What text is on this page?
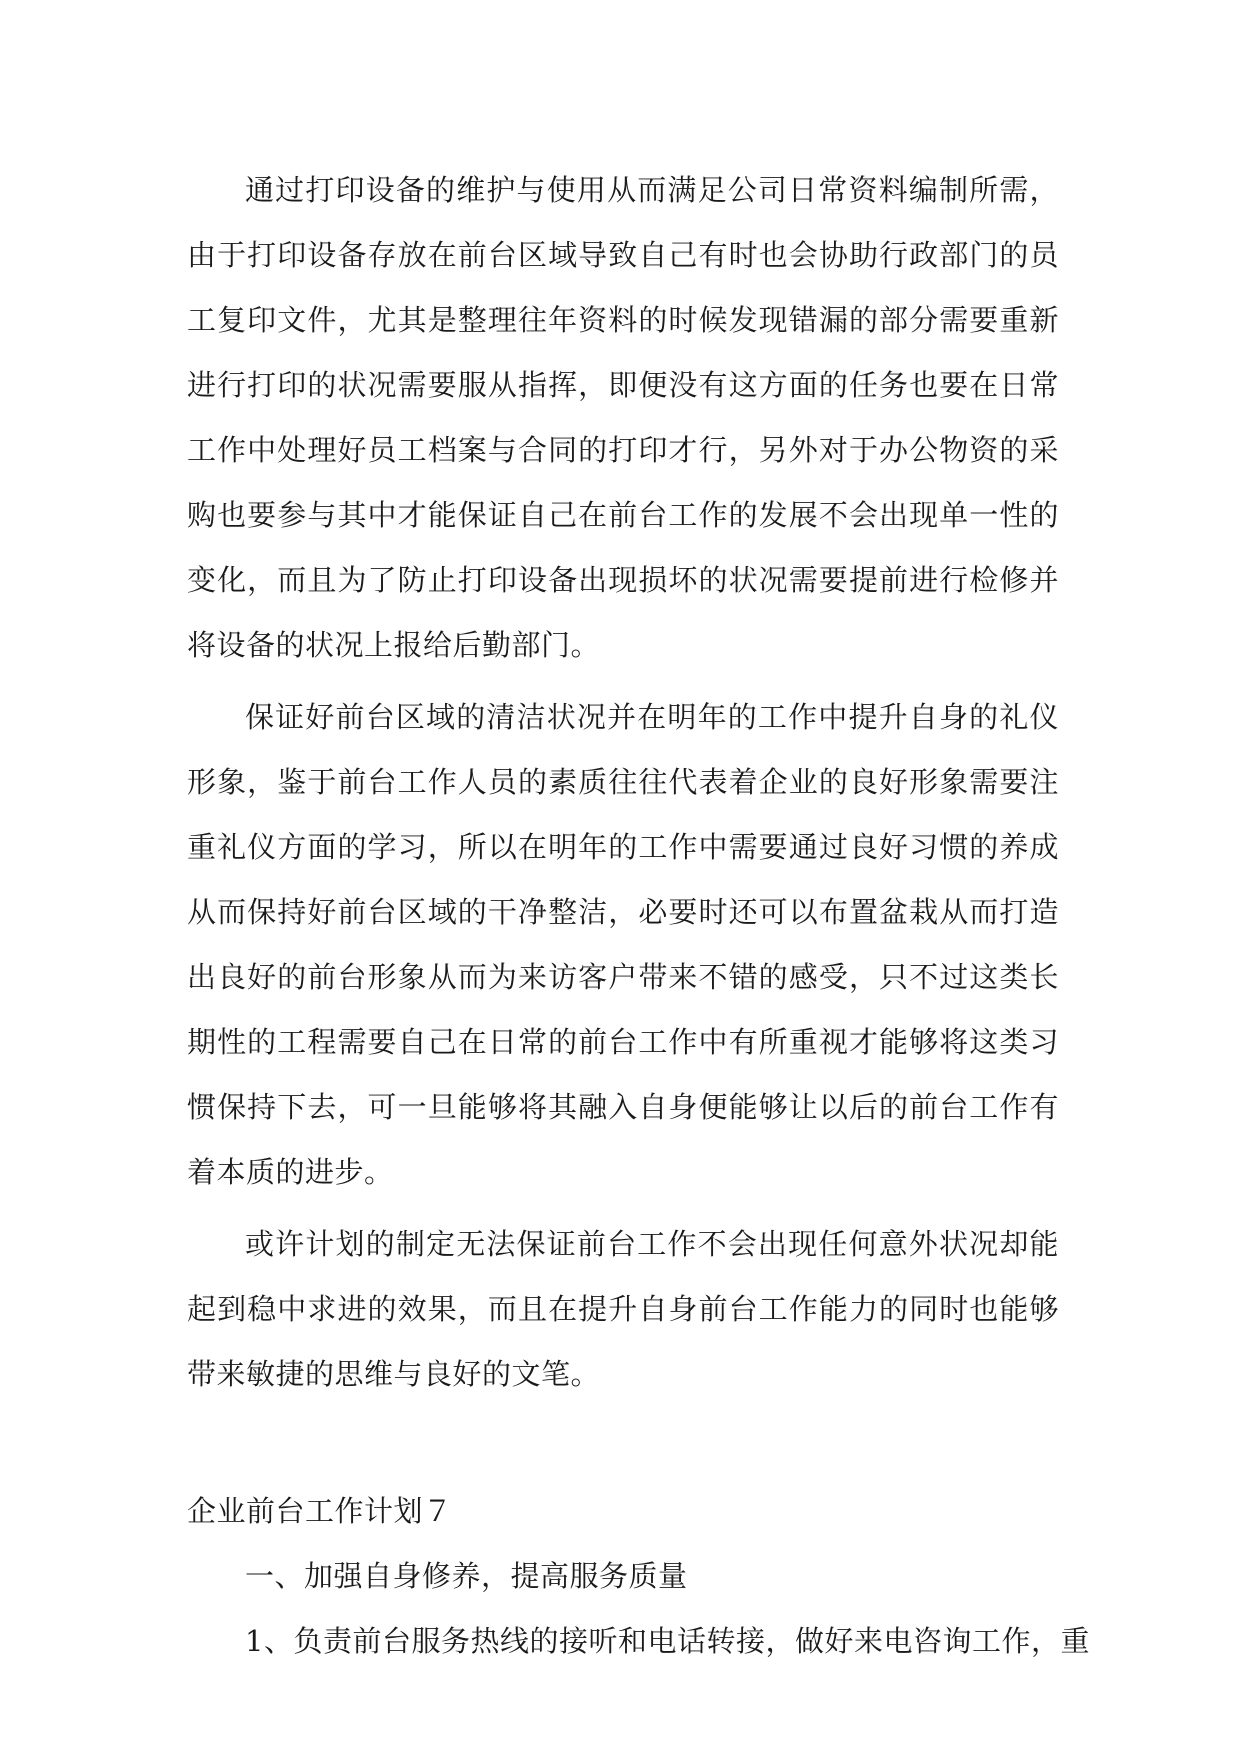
通过打印设备的维护与使用从而满足公司日常资料编制所需，由于打印设备存放在前台区域导致自己有时也会协助行政部门的员工复印文件，尤其是整理往年资料的时候发现错漏的部分需要重新进行打印的状况需要服从指挥，即便没有这方面的任务也要在日常工作中处理好员工档案与合同的打印才行，另外对于办公物资的采购也要参与其中才能保证自己在前台工作的发展不会出现单一性的变化，而且为了防止打印设备出现损坏的状况需要提前进行检修并将设备的状况上报给后勤部门。

保证好前台区域的清洁状况并在明年的工作中提升自身的礼仪形象，鉴于前台工作人员的素质往往代表着企业的良好形象需要注重礼仪方面的学习，所以在明年的工作中需要通过良好习惯的养成从而保持好前台区域的干净整洁，必要时还可以布置盆栽从而打造出良好的前台形象从而为来访客户带来不错的感受，只不过这类长期性的工程需要自己在日常的前台工作中有所重视才能够将这类习惯保持下去，可一旦能够将其融入自身便能够让以后的前台工作有着本质的进步。

或许计划的制定无法保证前台工作不会出现任何意外状况却能起到稳中求进的效果，而且在提升自身前台工作能力的同时也能够带来敏捷的思维与良好的文笔。

企业前台工作计划７

一、加强自身修养，提高服务质量

1、负责前台服务热线的接听和电话转接，做好来电咨询工作，重
